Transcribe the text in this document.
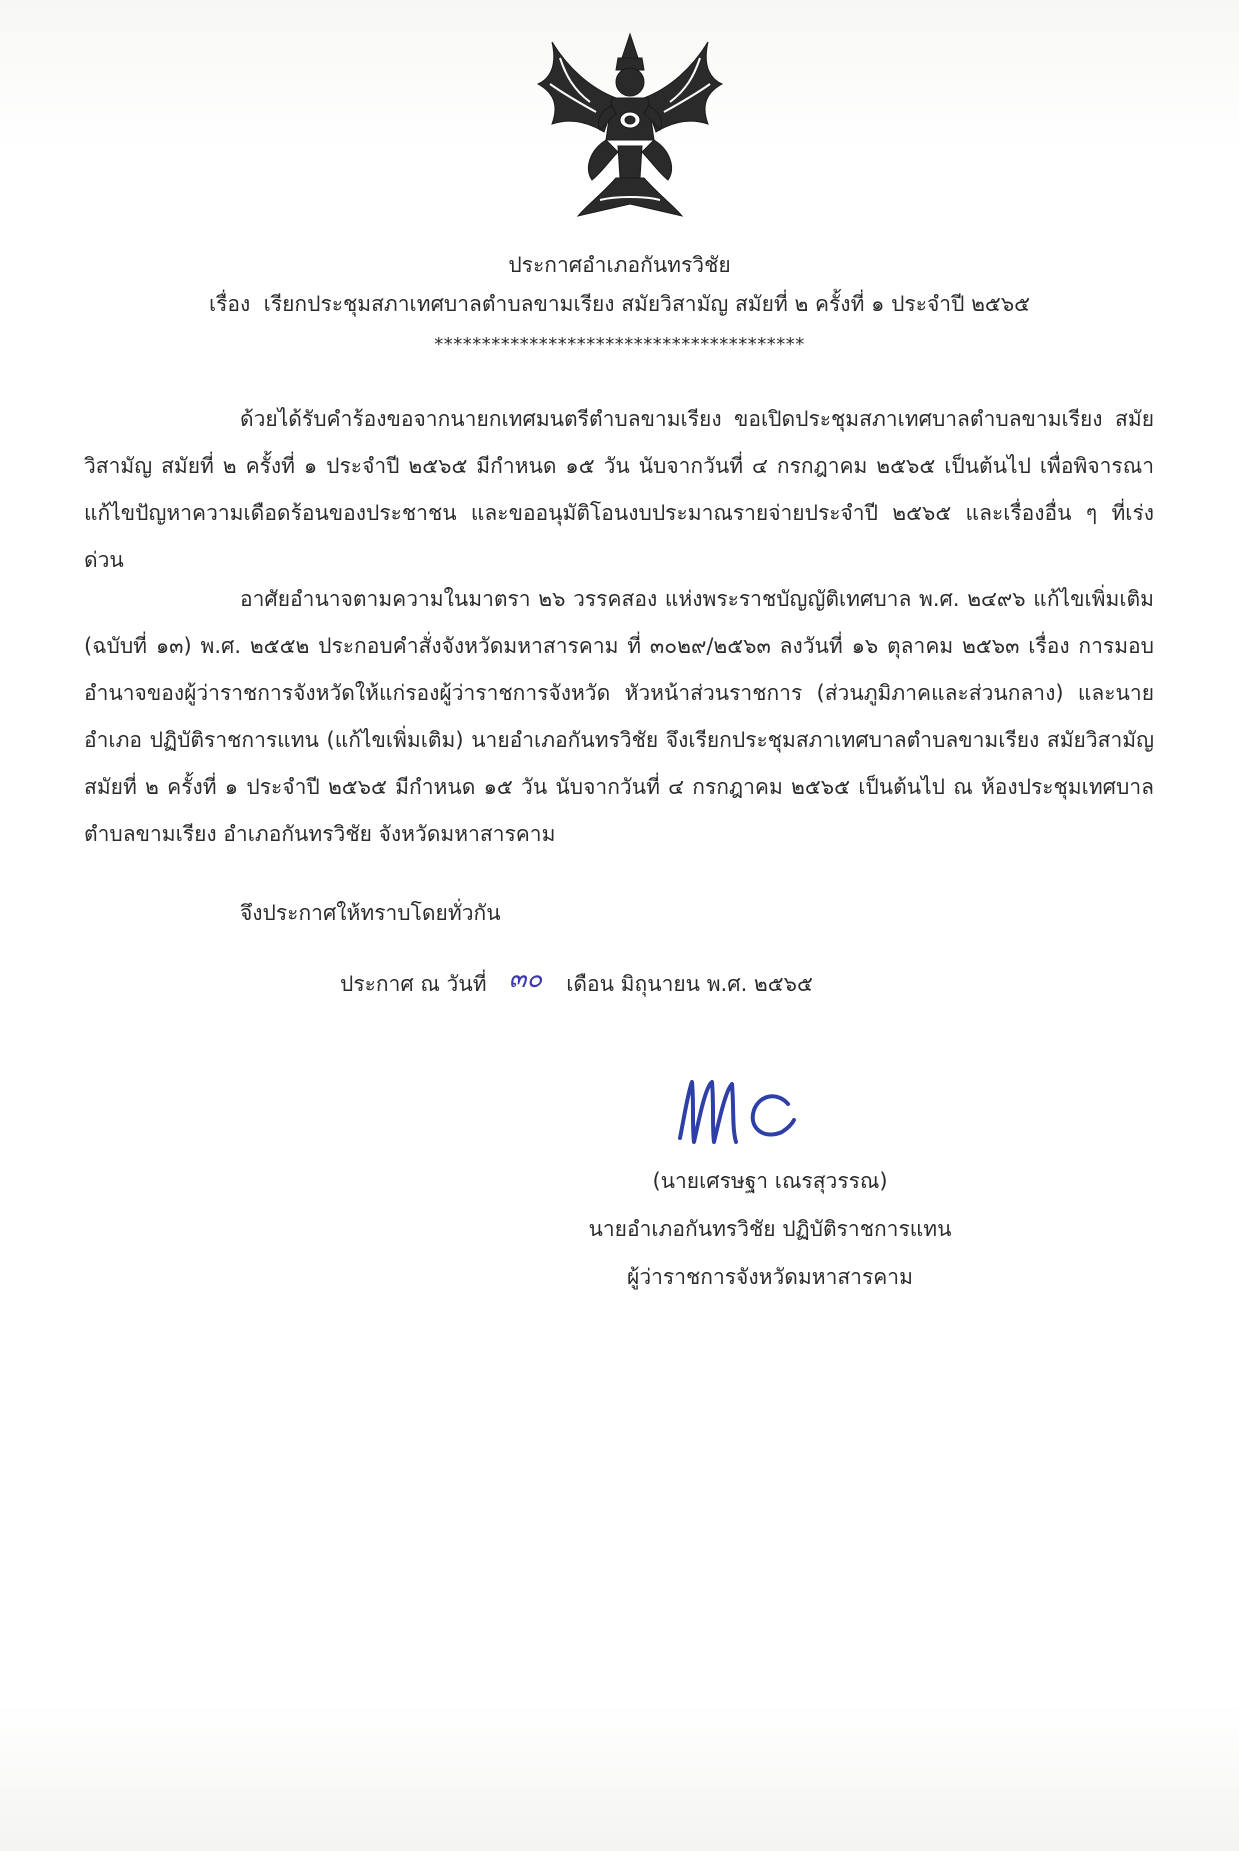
ประกาศอำเภอกันทรวิชัย
เรื่อง เรียกประชุมสภาเทศบาลตำบลขามเรียง สมัยวิสามัญ สมัยที่ ๒ ครั้งที่ ๑ ประจำปี ๒๕๖๕
***************************************

ด้วยได้รับคำร้องขอจากนายกเทศมนตรีตำบลขามเรียง ขอเปิดประชุมสภาเทศบาลตำบลขามเรียง สมัยวิสามัญ สมัยที่ ๒ ครั้งที่ ๑ ประจำปี ๒๕๖๕ มีกำหนด ๑๕ วัน นับจากวันที่ ๔ กรกฎาคม ๒๕๖๕ เป็นต้นไป เพื่อพิจารณาแก้ไขปัญหาความเดือดร้อนของประชาชน และขออนุมัติโอนงบประมาณรายจ่ายประจำปี ๒๕๖๕ และเรื่องอื่น ๆ ที่เร่งด่วน

อาศัยอำนาจตามความในมาตรา ๒๖ วรรคสอง แห่งพระราชบัญญัติเทศบาล พ.ศ. ๒๔๙๖ แก้ไขเพิ่มเติม (ฉบับที่ ๑๓) พ.ศ. ๒๕๕๒ ประกอบคำสั่งจังหวัดมหาสารคาม ที่ ๓๐๒๙/๒๕๖๓ ลงวันที่ ๑๖ ตุลาคม ๒๕๖๓ เรื่อง การมอบอำนาจของผู้ว่าราชการจังหวัดให้แก่รองผู้ว่าราชการจังหวัด หัวหน้าส่วนราชการ (ส่วนภูมิภาคและส่วนกลาง) และนายอำเภอ ปฏิบัติราชการแทน (แก้ไขเพิ่มเติม) นายอำเภอกันทรวิชัย จึงเรียกประชุมสภาเทศบาลตำบลขามเรียง สมัยวิสามัญ สมัยที่ ๒ ครั้งที่ ๑ ประจำปี ๒๕๖๕ มีกำหนด ๑๕ วัน นับจากวันที่ ๔ กรกฎาคม ๒๕๖๕ เป็นต้นไป ณ ห้องประชุมเทศบาลตำบลขามเรียง อำเภอกันทรวิชัย จังหวัดมหาสารคาม

จึงประกาศให้ทราบโดยทั่วกัน
ประกาศ ณ วันที่ ๓๐ เดือน มิถุนายน พ.ศ. ๒๕๖๕
(นายเศรษฐา เณรสุวรรณ)
นายอำเภอกันทรวิชัย ปฏิบัติราชการแทน
ผู้ว่าราชการจังหวัดมหาสารคาม
